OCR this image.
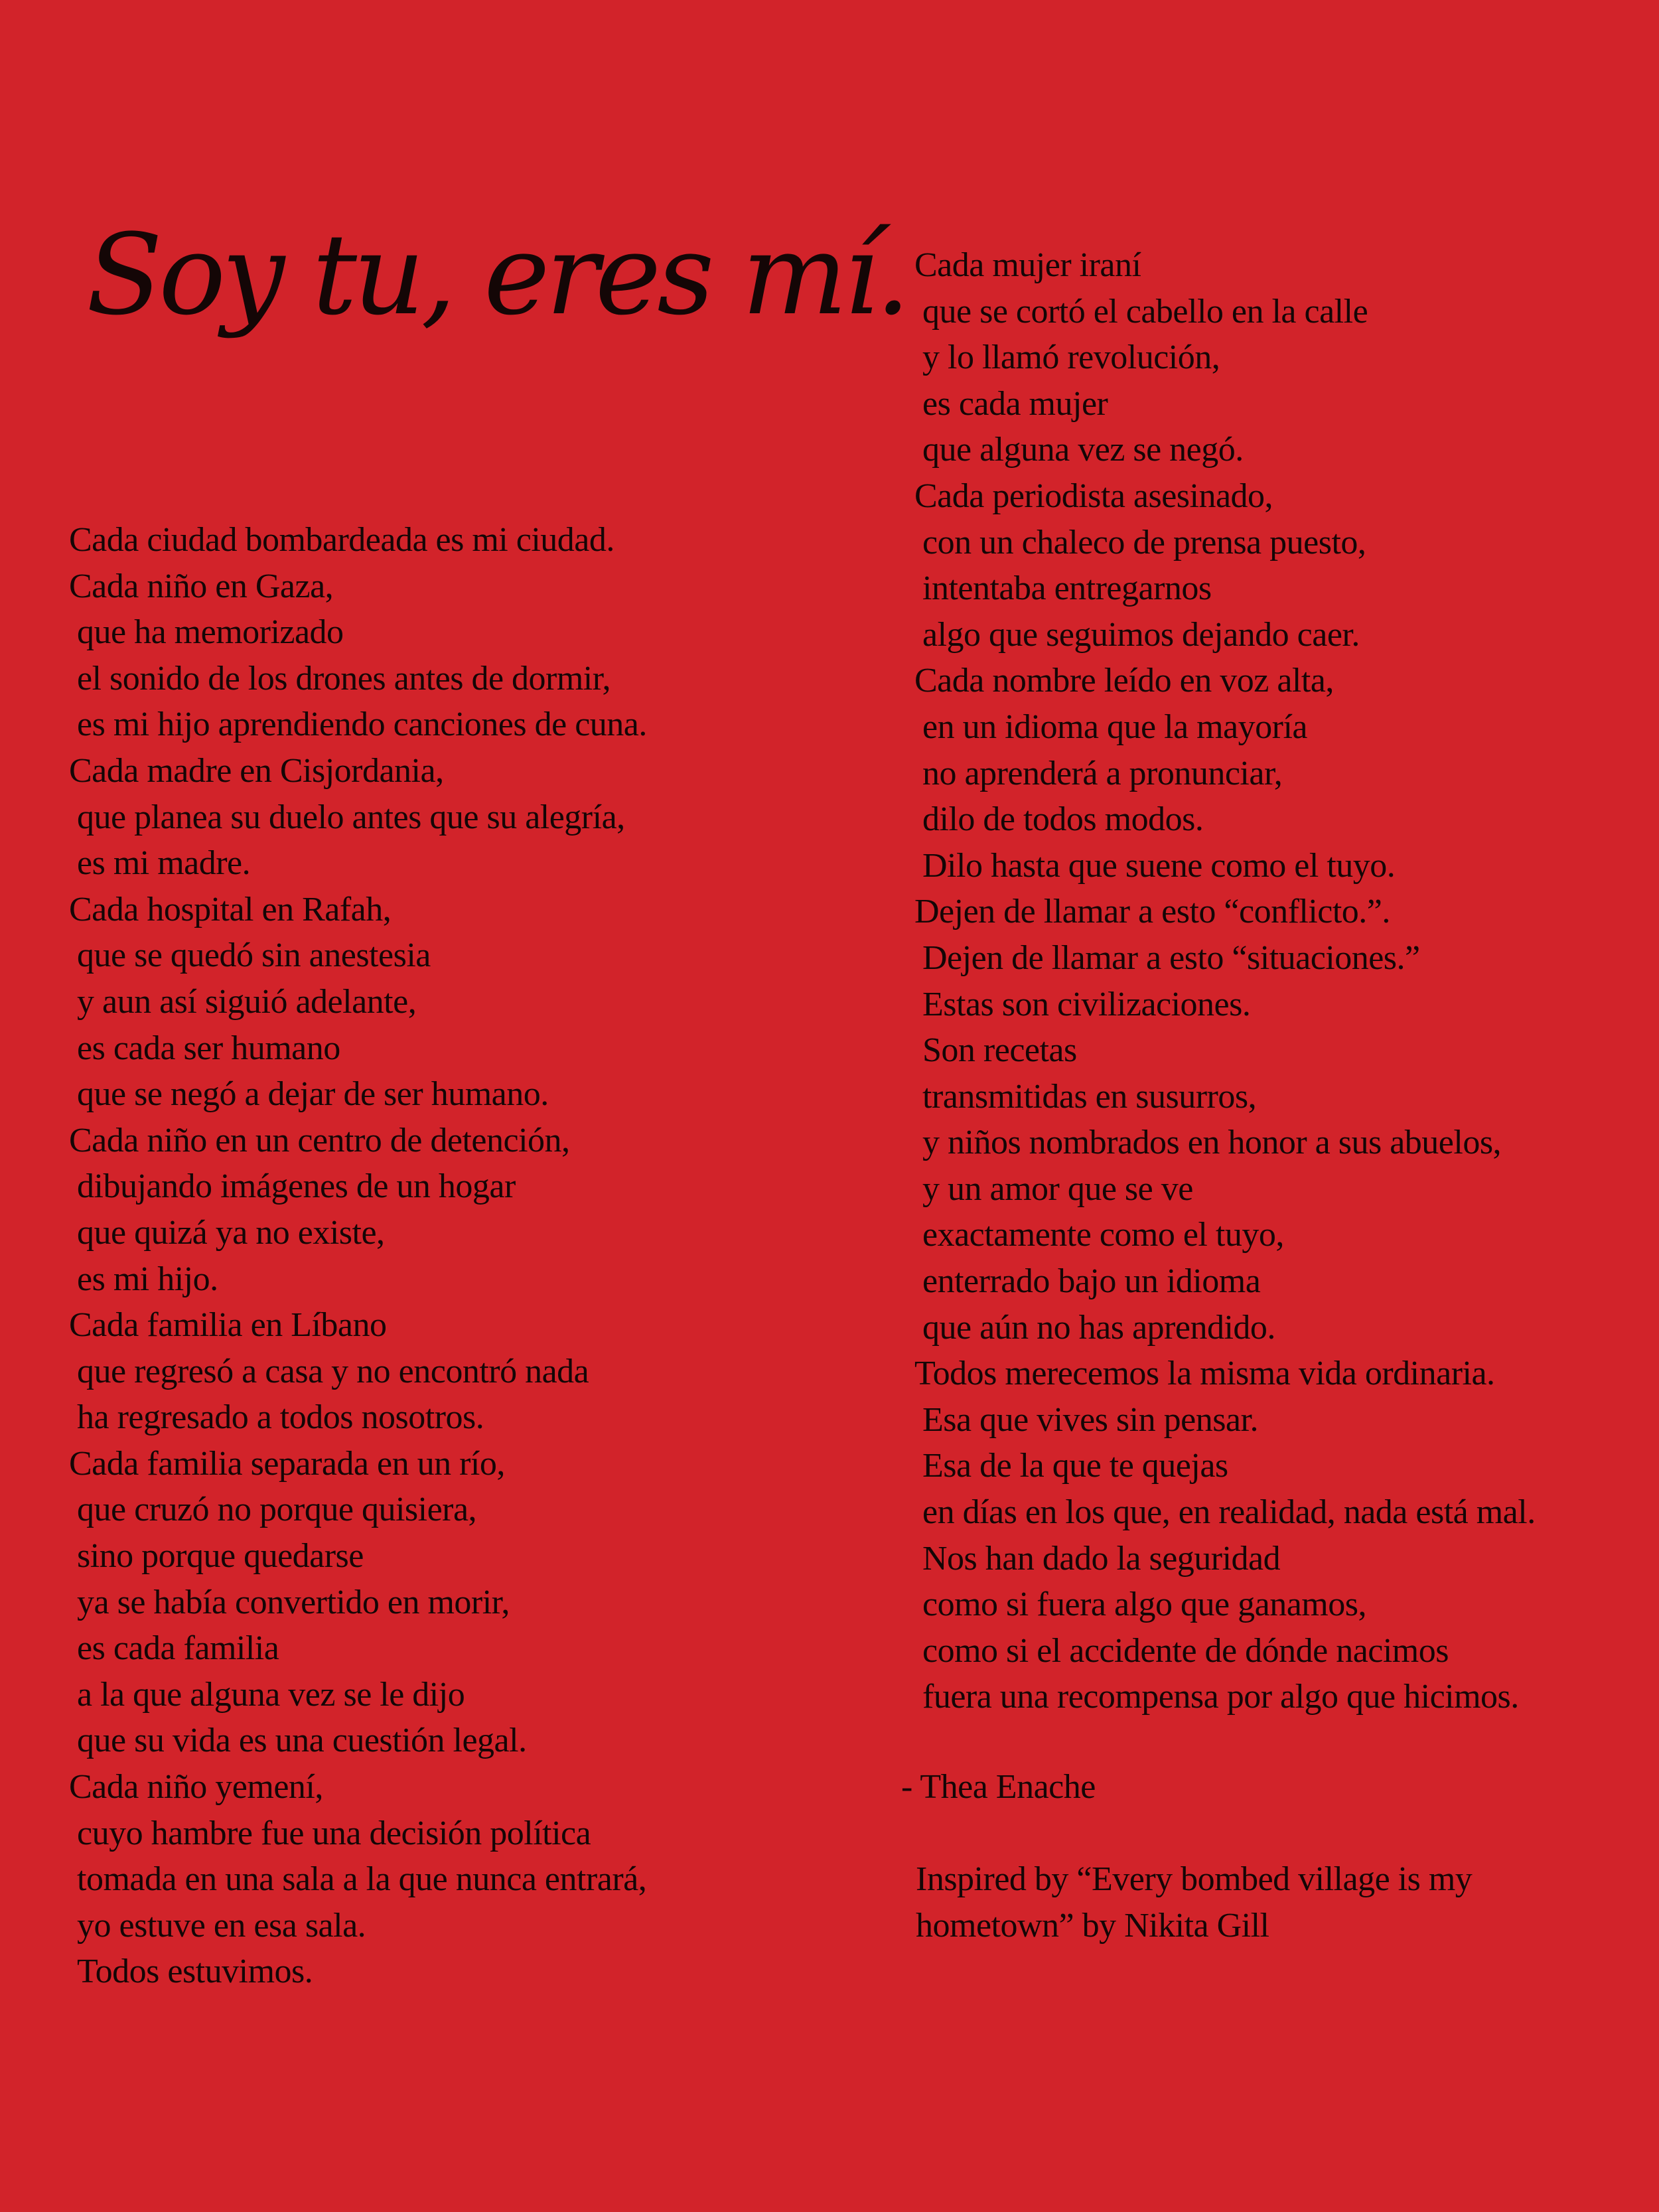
Soy tu, eres mí.
Cada ciudad bombardeada es mi ciudad.
Cada niño en Gaza,
que ha memorizado
el sonido de los drones antes de dormir,
es mi hijo aprendiendo canciones de cuna.
Cada madre en Cisjordania,
que planea su duelo antes que su alegría,
es mi madre.
Cada hospital en Rafah,
que se quedó sin anestesia
y aun así siguió adelante,
es cada ser humano
que se negó a dejar de ser humano.
Cada niño en un centro de detención,
dibujando imágenes de un hogar
que quizá ya no existe,
es mi hijo.
Cada familia en Líbano
que regresó a casa y no encontró nada
ha regresado a todos nosotros.
Cada familia separada en un río,
que cruzó no porque quisiera,
sino porque quedarse
ya se había convertido en morir,
es cada familia
a la que alguna vez se le dijo
que su vida es una cuestión legal.
Cada niño yemení,
cuyo hambre fue una decisión política
tomada en una sala a la que nunca entrará,
yo estuve en esa sala.
Todos estuvimos.
Cada mujer iraní
que se cortó el cabello en la calle
y lo llamó revolución,
es cada mujer
que alguna vez se negó.
Cada periodista asesinado,
con un chaleco de prensa puesto,
intentaba entregarnos
algo que seguimos dejando caer.
Cada nombre leído en voz alta,
en un idioma que la mayoría
no aprenderá a pronunciar,
dilo de todos modos.
Dilo hasta que suene como el tuyo.
Dejen de llamar a esto “conflicto.”.
Dejen de llamar a esto “situaciones.”
Estas son civilizaciones.
Son recetas
transmitidas en susurros,
y niños nombrados en honor a sus abuelos,
y un amor que se ve
exactamente como el tuyo,
enterrado bajo un idioma
que aún no has aprendido.
Todos merecemos la misma vida ordinaria.
Esa que vives sin pensar.
Esa de la que te quejas
en días en los que, en realidad, nada está mal.
Nos han dado la seguridad
como si fuera algo que ganamos,
como si el accidente de dónde nacimos
fuera una recompensa por algo que hicimos.
- Thea Enache
Inspired by “Every bombed village is my
hometown” by Nikita Gill
